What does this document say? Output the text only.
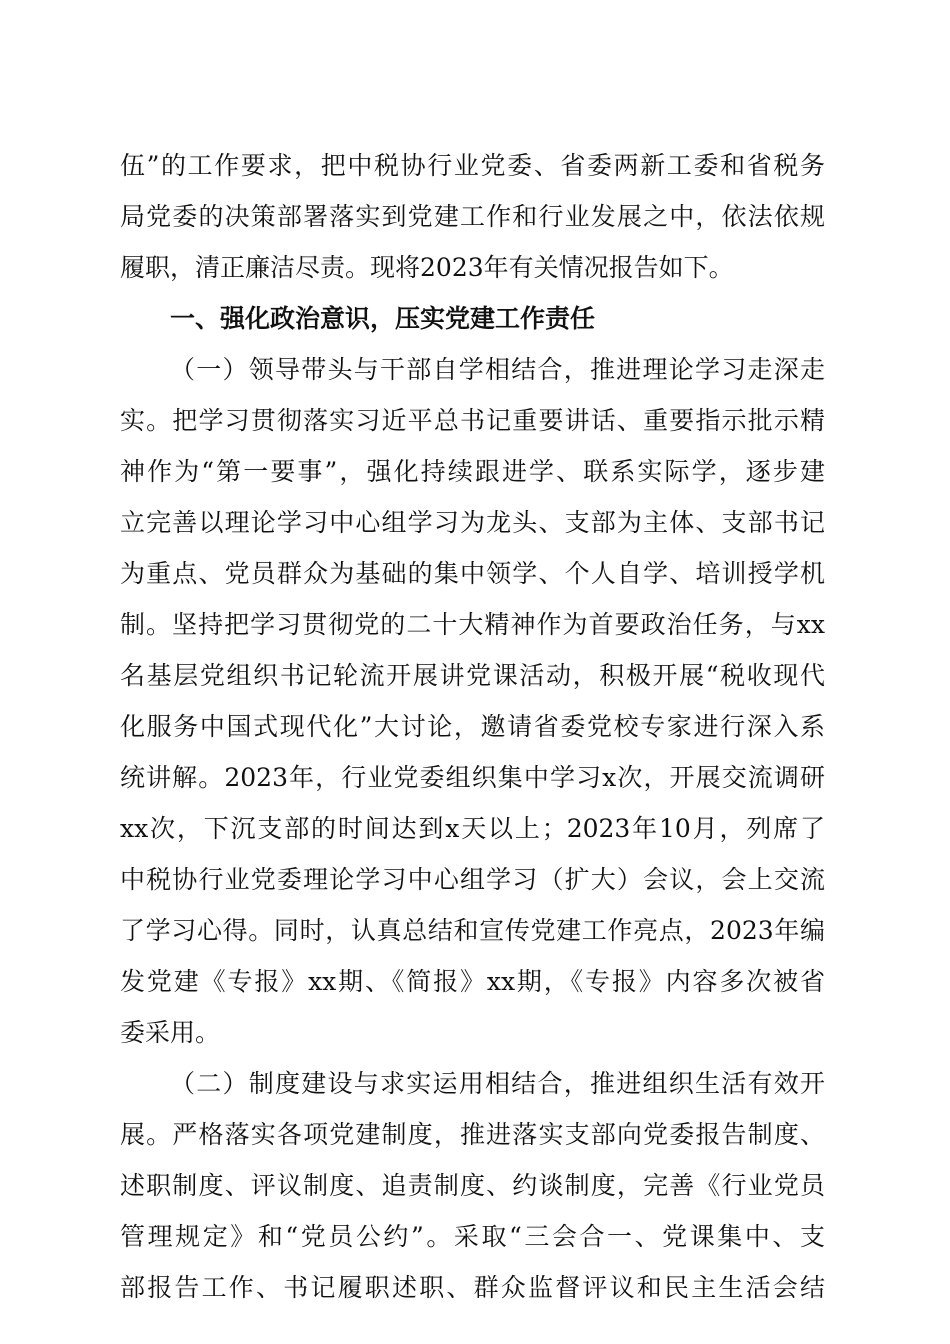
伍”的工作要求，把中税协行业党委、省委两新工委和省税务
局党委的决策部署落实到党建工作和行业发展之中，依法依规
履职，清正廉洁尽责。现将2023年有关情况报告如下。
一、强化政治意识，压实党建工作责任
（一）领导带头与干部自学相结合，推进理论学习走深走
实。把学习贯彻落实习近平总书记重要讲话、重要指示批示精
神作为“第一要事”，强化持续跟进学、联系实际学，逐步建
立完善以理论学习中心组学习为龙头、支部为主体、支部书记
为重点、党员群众为基础的集中领学、个人自学、培训授学机
制。坚持把学习贯彻党的二十大精神作为首要政治任务，与xx
名基层党组织书记轮流开展讲党课活动，积极开展“税收现代
化服务中国式现代化”大讨论，邀请省委党校专家进行深入系
统讲解。2023年，行业党委组织集中学习x次，开展交流调研
xx次，下沉支部的时间达到x天以上；2023年10月，列席了
中税协行业党委理论学习中心组学习（扩大）会议，会上交流
了学习心得。同时，认真总结和宣传党建工作亮点，2023年编
发党建《专报》xx期、《简报》xx期，《专报》内容多次被省
委采用。
（二）制度建设与求实运用相结合，推进组织生活有效开
展。严格落实各项党建制度，推进落实支部向党委报告制度、
述职制度、评议制度、追责制度、约谈制度，完善《行业党员
管理规定》和“党员公约”。采取“三会合一、党课集中、支
部报告工作、书记履职述职、群众监督评议和民主生活会结
